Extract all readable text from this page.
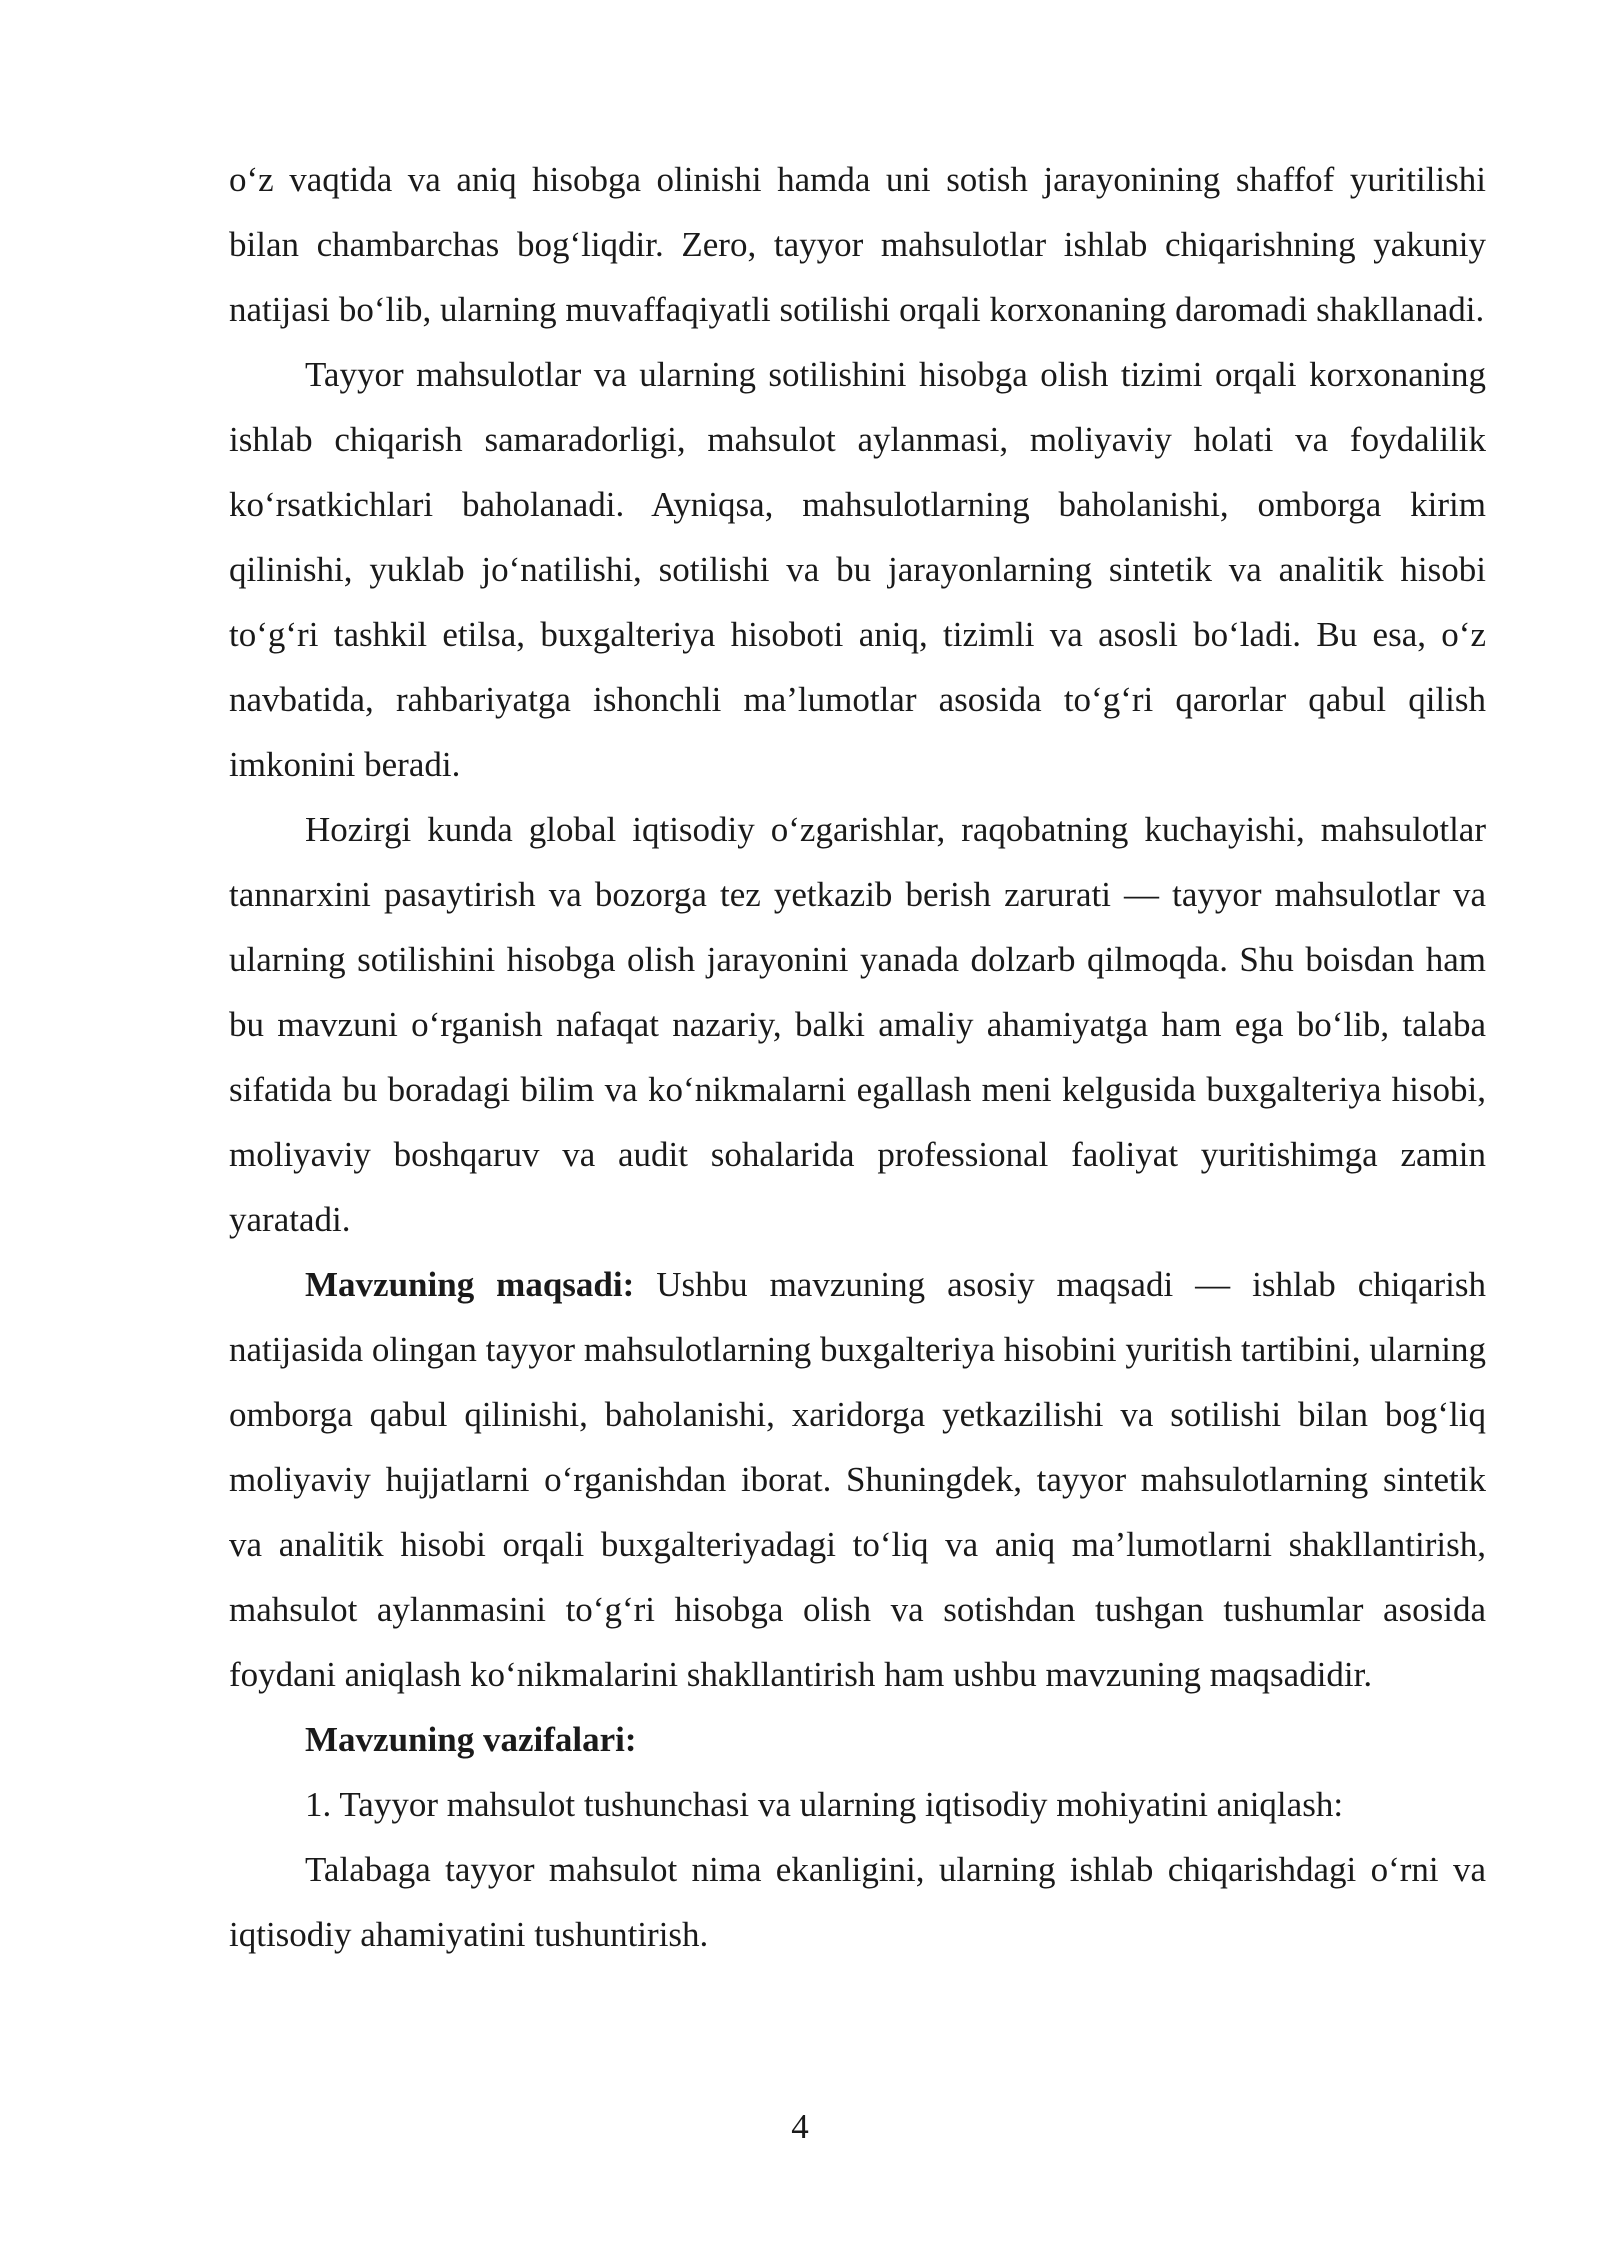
o‘z vaqtida va aniq hisobga olinishi hamda uni sotish jarayonining shaffof yuritilishi bilan chambarchas bog‘liqdir. Zero, tayyor mahsulotlar ishlab chiqarishning yakuniy natijasi bo‘lib, ularning muvaffaqiyatli sotilishi orqali korxonaning daromadi shakllanadi.

Tayyor mahsulotlar va ularning sotilishini hisobga olish tizimi orqali korxonaning ishlab chiqarish samaradorligi, mahsulot aylanmasi, moliyaviy holati va foydalilik ko‘rsatkichlari baholanadi. Ayniqsa, mahsulotlarning baholanishi, omborga kirim qilinishi, yuklab jo‘natilishi, sotilishi va bu jarayonlarning sintetik va analitik hisobi to‘g‘ri tashkil etilsa, buxgalteriya hisoboti aniq, tizimli va asosli bo‘ladi. Bu esa, o‘z navbatida, rahbariyatga ishonchli ma’lumotlar asosida to‘g‘ri qarorlar qabul qilish imkonini beradi.

Hozirgi kunda global iqtisodiy o‘zgarishlar, raqobatning kuchayishi, mahsulotlar tannarxini pasaytirish va bozorga tez yetkazib berish zarurati — tayyor mahsulotlar va ularning sotilishini hisobga olish jarayonini yanada dolzarb qilmoqda. Shu boisdan ham bu mavzuni o‘rganish nafaqat nazariy, balki amaliy ahamiyatga ham ega bo‘lib, talaba sifatida bu boradagi bilim va ko‘nikmalarni egallash meni kelgusida buxgalteriya hisobi, moliyaviy boshqaruv va audit sohalarida professional faoliyat yuritishimga zamin yaratadi.

Mavzuning maqsadi: Ushbu mavzuning asosiy maqsadi — ishlab chiqarish natijasida olingan tayyor mahsulotlarning buxgalteriya hisobini yuritish tartibini, ularning omborga qabul qilinishi, baholanishi, xaridorga yetkazilishi va sotilishi bilan bog‘liq moliyaviy hujjatlarni o‘rganishdan iborat. Shuningdek, tayyor mahsulotlarning sintetik va analitik hisobi orqali buxgalteriyadagi to‘liq va aniq ma’lumotlarni shakllantirish, mahsulot aylanmasini to‘g‘ri hisobga olish va sotishdan tushgan tushumlar asosida foydani aniqlash ko‘nikmalarini shakllantirish ham ushbu mavzuning maqsadidir.

Mavzuning vazifalari:

1. Tayyor mahsulot tushunchasi va ularning iqtisodiy mohiyatini aniqlash:

Talabaga tayyor mahsulot nima ekanligini, ularning ishlab chiqarishdagi o‘rni va iqtisodiy ahamiyatini tushuntirish.

4
